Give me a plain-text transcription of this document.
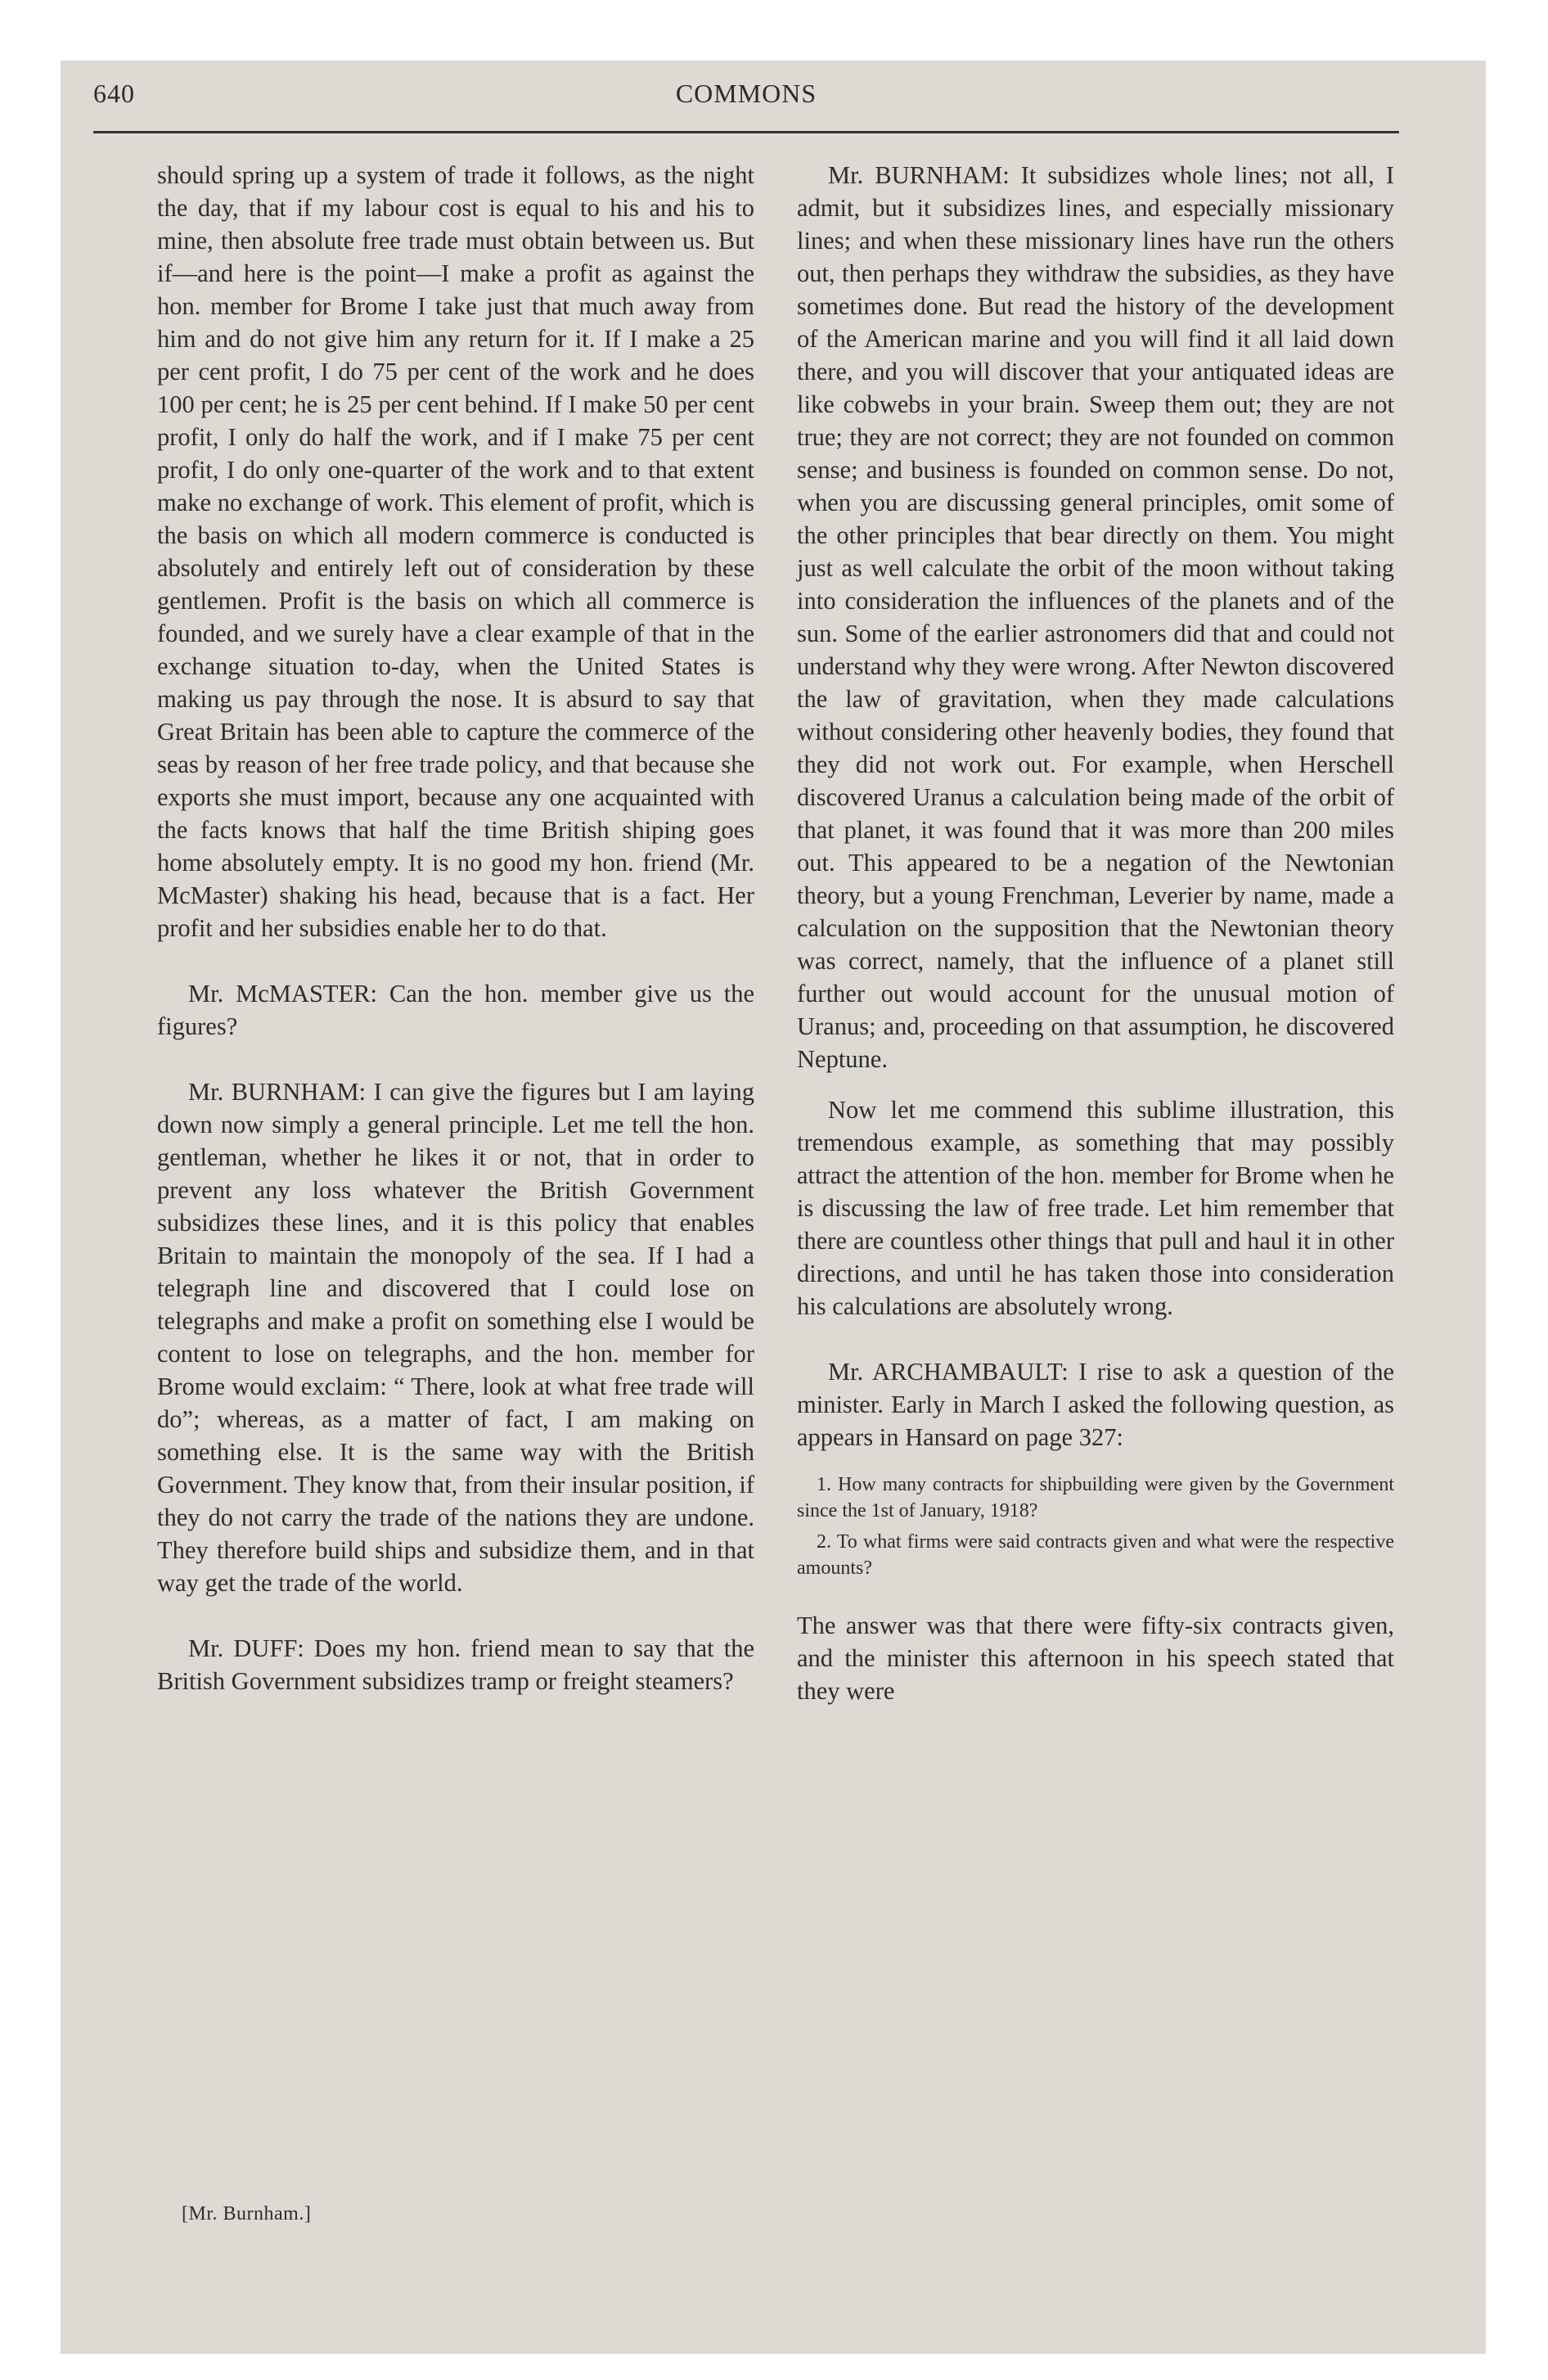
640	COMMONS

should spring up a system of trade it follows, as the night the day, that if my labour cost is equal to his and his to mine, then absolute free trade must obtain between us. But if—and here is the point—I make a profit as against the hon. member for Brome I take just that much away from him and do not give him any return for it. If I make a 25 per cent profit, I do 75 per cent of the work and he does 100 per cent; he is 25 per cent behind. If I make 50 per cent profit, I only do half the work, and if I make 75 per cent profit, I do only one-quarter of the work and to that extent make no exchange of work. This element of profit, which is the basis on which all modern commerce is conducted is absolutely and entirely left out of consideration by these gentlemen. Profit is the basis on which all commerce is founded, and we surely have a clear example of that in the exchange situation to-day, when the United States is making us pay through the nose. It is absurd to say that Great Britain has been able to capture the commerce of the seas by reason of her free trade policy, and that because she exports she must import, because any one acquainted with the facts knows that half the time British shiping goes home absolutely empty. It is no good my hon. friend (Mr. McMaster) shaking his head, because that is a fact. Her profit and her subsidies enable her to do that.

Mr. McMASTER: Can the hon. member give us the figures?

Mr. BURNHAM: I can give the figures but I am laying down now simply a general principle. Let me tell the hon. gentleman, whether he likes it or not, that in order to prevent any loss whatever the British Government subsidizes these lines, and it is this policy that enables Britain to maintain the monopoly of the sea. If I had a telegraph line and discovered that I could lose on telegraphs and make a profit on something else I would be content to lose on telegraphs, and the hon. member for Brome would exclaim: “ There, look at what free trade will do”; whereas, as a matter of fact, I am making on something else. It is the same way with the British Government. They know that, from their insular position, if they do not carry the trade of the nations they are undone. They therefore build ships and subsidize them, and in that way get the trade of the world.

Mr. DUFF: Does my hon. friend mean to say that the British Government subsidizes tramp or freight steamers?

Mr. BURNHAM: It subsidizes whole lines; not all, I admit, but it subsidizes lines, and especially missionary lines; and when these missionary lines have run the others out, then perhaps they withdraw the subsidies, as they have sometimes done. But read the history of the development of the American marine and you will find it all laid down there, and you will discover that your antiquated ideas are like cobwebs in your brain. Sweep them out; they are not true; they are not correct; they are not founded on common sense; and business is founded on common sense. Do not, when you are discussing general principles, omit some of the other principles that bear directly on them. You might just as well calculate the orbit of the moon without taking into consideration the influences of the planets and of the sun. Some of the earlier astronomers did that and could not understand why they were wrong. After Newton discovered the law of gravitation, when they made calculations without considering other heavenly bodies, they found that they did not work out. For example, when Herschell discovered Uranus a calculation being made of the orbit of that planet, it was found that it was more than 200 miles out. This appeared to be a negation of the Newtonian theory, but a young Frenchman, Leverier by name, made a calculation on the supposition that the Newtonian theory was correct, namely, that the influence of a planet still further out would account for the unusual motion of Uranus; and, proceeding on that assumption, he discovered Neptune.

Now let me commend this sublime illustration, this tremendous example, as something that may possibly attract the attention of the hon. member for Brome when he is discussing the law of free trade. Let him remember that there are countless other things that pull and haul it in other directions, and until he has taken those into consideration his calculations are absolutely wrong.

Mr. ARCHAMBAULT: I rise to ask a question of the minister. Early in March I asked the following question, as appears in Hansard on page 327:

1. How many contracts for shipbuilding were given by the Government since the 1st of January, 1918?

2. To what firms were said contracts given and what were the respective amounts?

The answer was that there were fifty-six contracts given, and the minister this afternoon in his speech stated that they were

[Mr. Burnham.]
